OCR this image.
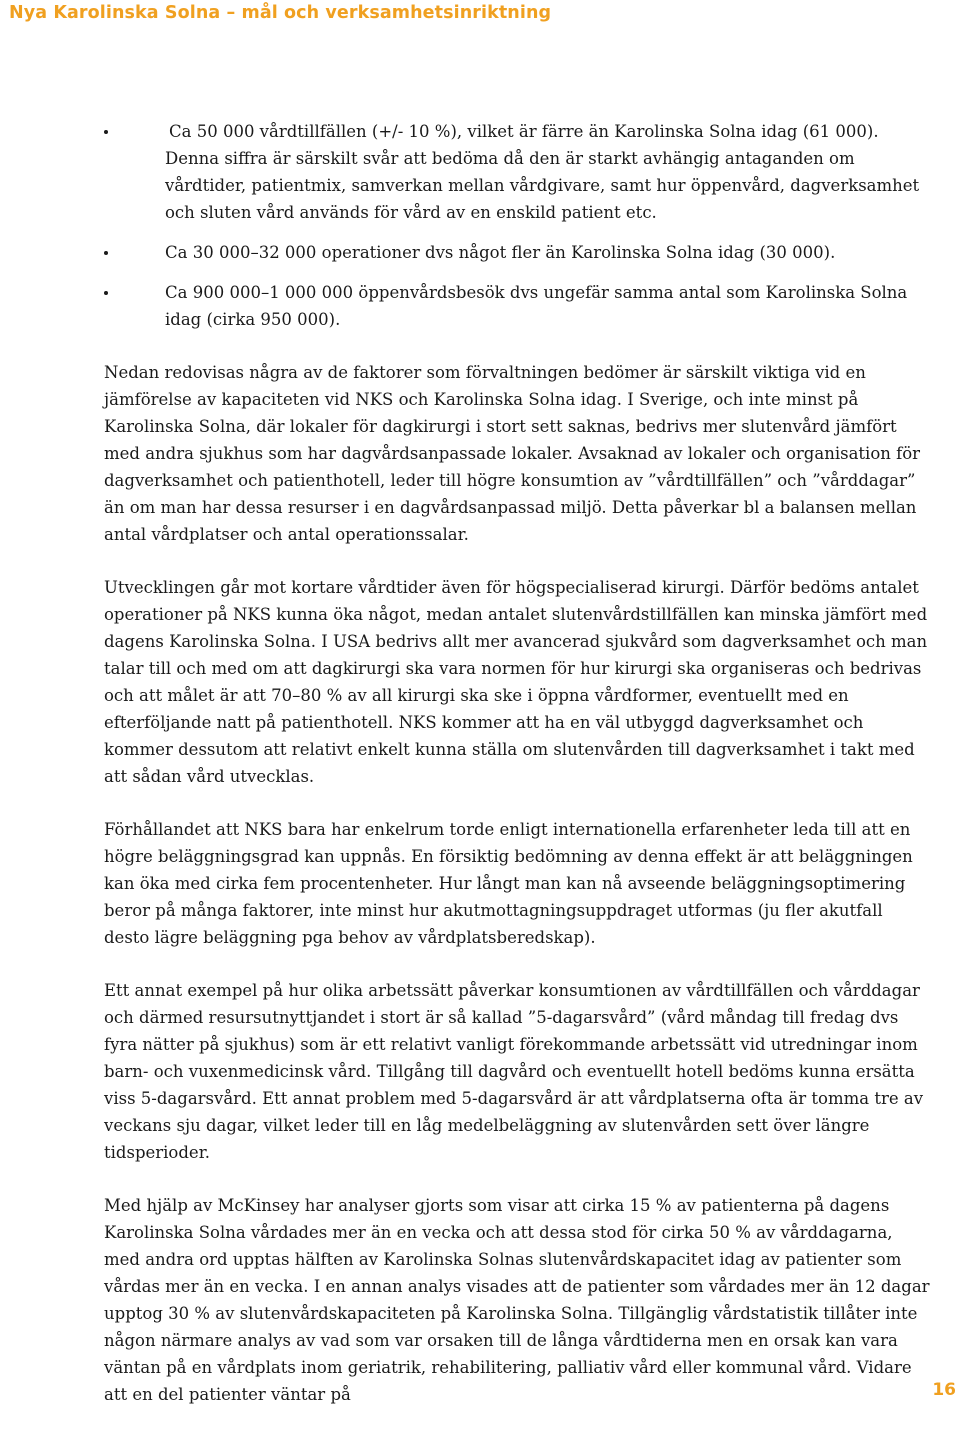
Nya Karolinska Solna – mål och verksamhetsinriktning
Ca 50 000 vårdtillfällen (+/- 10 %), vilket är färre än Karolinska Solna idag (61 000). Denna siffra är särskilt svår att bedöma då den är starkt avhängig antaganden om vårdtider, patientmix, samverkan mellan vårdgivare, samt hur öppenvård, dagverksamhet och sluten vård används för vård av en enskild patient etc.
Ca 30 000–32 000 operationer dvs något fler än Karolinska Solna idag (30 000).
Ca 900 000–1 000 000 öppenvårdsbesök dvs ungefär samma antal som Karolinska Solna idag (cirka 950 000).

Nedan redovisas några av de faktorer som förvaltningen bedömer är särskilt viktiga vid en jämförelse av kapaciteten vid NKS och Karolinska Solna idag. I Sverige, och inte minst på Karolinska Solna, där lokaler för dagkirurgi i stort sett saknas, bedrivs mer slutenvård jämfört med andra sjukhus som har dagvårdsanpassade lokaler. Avsaknad av lokaler och organisation för dagverksamhet och patienthotell, leder till högre konsumtion av ”vårdtillfällen” och ”vårddagar” än om man har dessa resurser i en dagvårdsanpassad miljö. Detta påverkar bl a balansen mellan antal vårdplatser och antal operationssalar.

Utvecklingen går mot kortare vårdtider även för högspecialiserad kirurgi. Därför bedöms antalet operationer på NKS kunna öka något, medan antalet slutenvårdstillfällen kan minska jämfört med dagens Karolinska Solna. I USA bedrivs allt mer avancerad sjukvård som dagverksamhet och man talar till och med om att dagkirurgi ska vara normen för hur kirurgi ska organiseras och bedrivas och att målet är att 70–80 % av all kirurgi ska ske i öppna vårdformer, eventuellt med en efterföljande natt på patienthotell. NKS kommer att ha en väl utbyggd dagverksamhet och kommer dessutom att relativt enkelt kunna ställa om slutenvården till dagverksamhet i takt med att sådan vård utvecklas.

Förhållandet att NKS bara har enkelrum torde enligt internationella erfarenheter leda till att en högre beläggningsgrad kan uppnås. En försiktig bedömning av denna effekt är att beläggningen kan öka med cirka fem procentenheter. Hur långt man kan nå avseende beläggningsoptimering beror på många faktorer, inte minst hur akutmottagningsuppdraget utformas (ju fler akutfall desto lägre beläggning pga behov av vårdplatsberedskap).

Ett annat exempel på hur olika arbetssätt påverkar konsumtionen av vårdtillfällen och vårddagar och därmed resursutnyttjandet i stort är så kallad ”5-dagarsvård” (vård måndag till fredag dvs fyra nätter på sjukhus) som är ett relativt vanligt förekommande arbetssätt vid utredningar inom barn- och vuxenmedicinsk vård. Tillgång till dagvård och eventuellt hotell bedöms kunna ersätta viss 5-dagarsvård. Ett annat problem med 5-dagarsvård är att vårdplatserna ofta är tomma tre av veckans sju dagar, vilket leder till en låg medelbeläggning av slutenvården sett över längre tidsperioder.

Med hjälp av McKinsey har analyser gjorts som visar att cirka 15 % av patienterna på dagens Karolinska Solna vårdades mer än en vecka och att dessa stod för cirka 50 % av vårddagarna, med andra ord upptas hälften av Karolinska Solnas slutenvårdskapacitet idag av patienter som vårdas mer än en vecka. I en annan analys visades att de patienter som vårdades mer än 12 dagar upptog 30 % av slutenvårdskapaciteten på Karolinska Solna. Tillgänglig vårdstatistik tillåter inte någon närmare analys av vad som var orsaken till de långa vårdtiderna men en orsak kan vara väntan på en vårdplats inom geriatrik, rehabilitering, palliativ vård eller kommunal vård. Vidare att en del patienter väntar på	16
